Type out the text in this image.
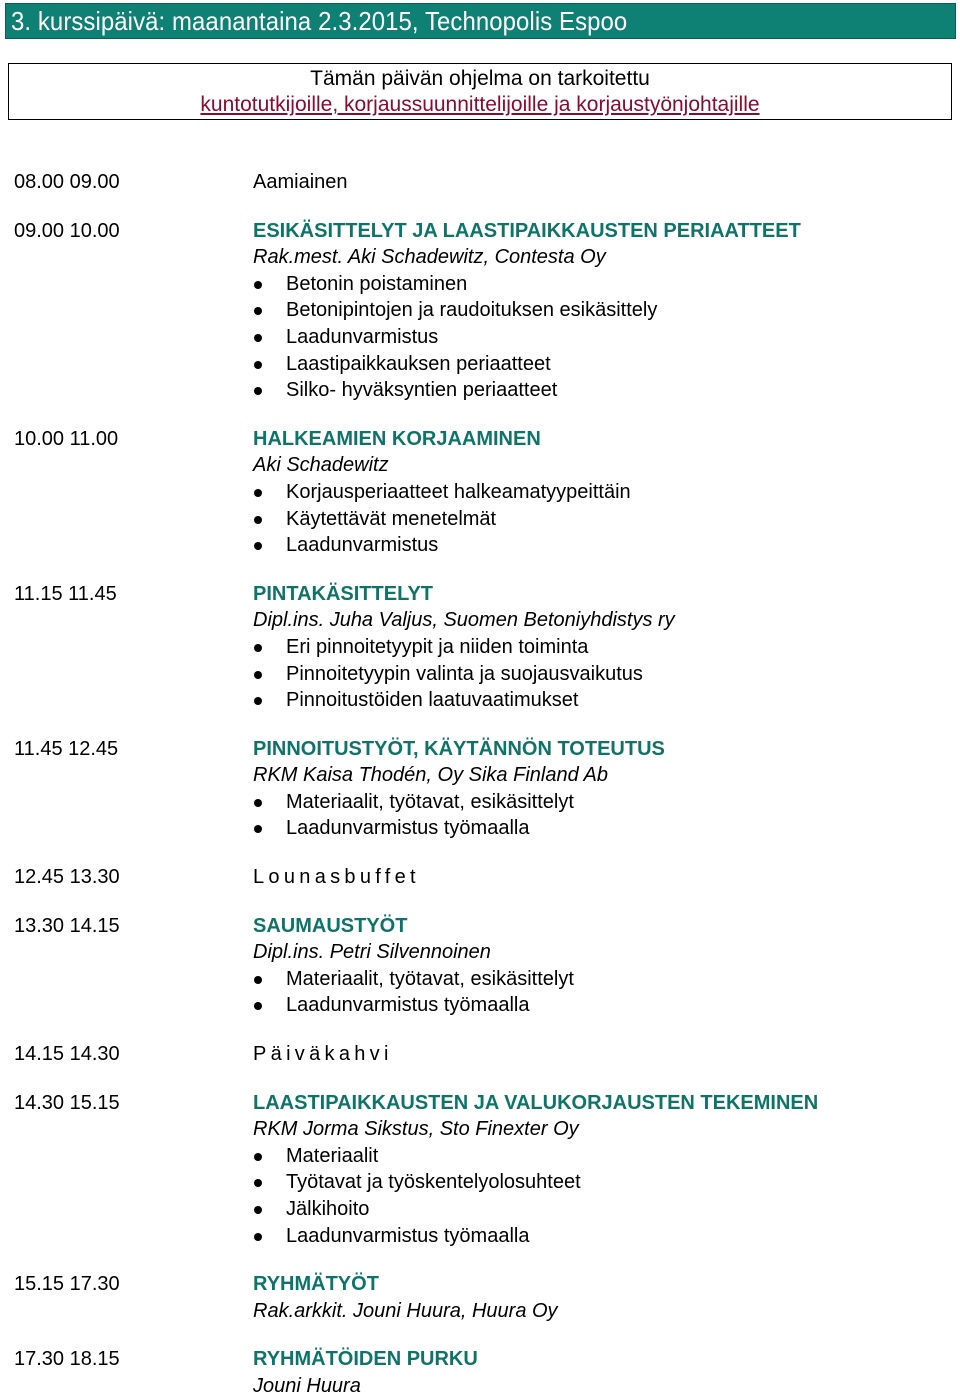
3. kurssipäivä: maanantaina 2.3.2015, Technopolis Espoo
Tämän päivän ohjelma on tarkoitettu
kuntotutkijoille, korjaussuunnittelijoille ja korjaustyönjohtajille
08.00 09.00	Aamiainen
09.00 10.00	ESIKÄSITTELYT JA LAASTIPAIKKAUSTEN PERIAATTEET
Rak.mest. Aki Schadewitz, Contesta Oy
Betonin poistaminen
Betonipintojen ja raudoituksen esikäsittely
Laadunvarmistus
Laastipaikkauksen periaatteet
Silko- hyväksyntien periaatteet
10.00 11.00	HALKEAMIEN KORJAAMINEN
Aki Schadewitz
Korjausperiaatteet halkeamatyypeittäin
Käytettävät menetelmät
Laadunvarmistus
11.15 11.45	PINTAKÄSITTELYT
Dipl.ins. Juha Valjus, Suomen Betoniyhdistys ry
Eri pinnoitetyypit ja niiden toiminta
Pinnoitetyypin valinta ja suojausvaikutus
Pinnoitustöiden laatuvaatimukset
11.45 12.45	PINNOITUSTYÖT, KÄYTÄNNÖN TOTEUTUS
RKM Kaisa Thodén, Oy Sika Finland Ab
Materiaalit, työtavat, esikäsittelyt
Laadunvarmistus työmaalla
12.45 13.30	Lounasbuffet
13.30 14.15	SAUMAUSTYÖT
Dipl.ins. Petri Silvennoinen
Materiaalit, työtavat, esikäsittelyt
Laadunvarmistus työmaalla
14.15 14.30	Päiväkahvi
14.30 15.15	LAASTIPAIKKAUSTEN JA VALUKORJAUSTEN TEKEMINEN
RKM Jorma Sikstus, Sto Finexter Oy
Materiaalit
Työtavat ja työskentelyolosuhteet
Jälkihoito
Laadunvarmistus työmaalla
15.15 17.30	RYHMÄTYÖT
Rak.arkkit. Jouni Huura, Huura Oy
17.30 18.15	RYHMÄTÖIDEN PURKU
Jouni Huura
